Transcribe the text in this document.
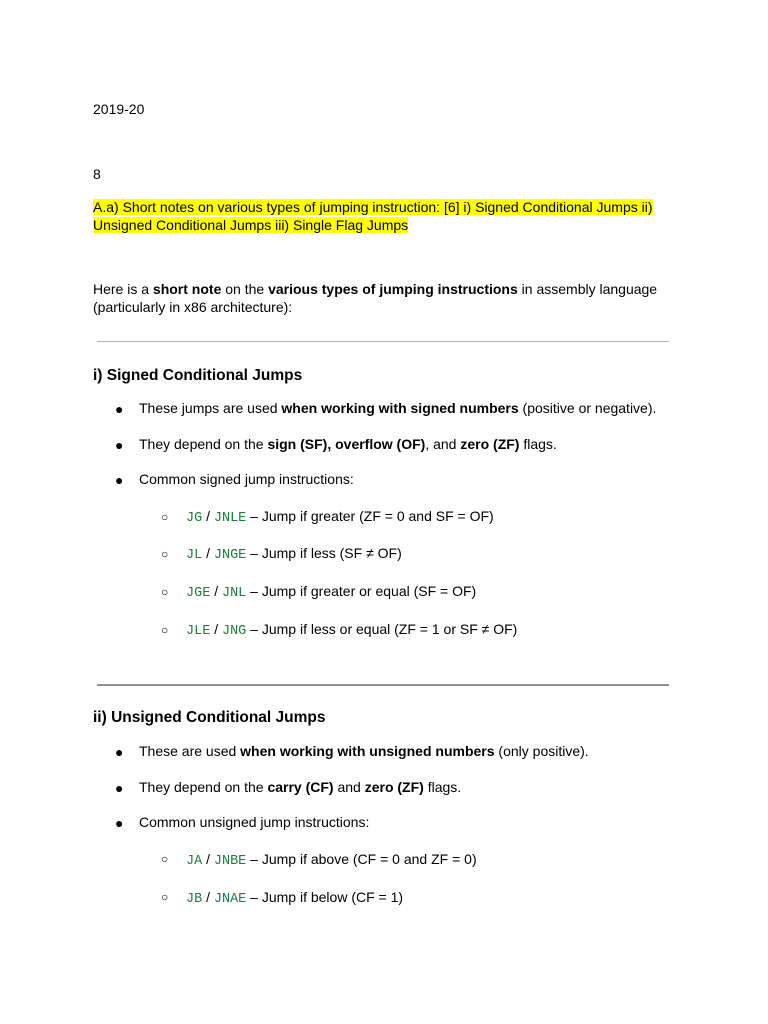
2019-20
8
A.a) Short notes on various types of jumping instruction: [6] i) Signed Conditional Jumps ii) Unsigned Conditional Jumps iii) Single Flag Jumps
Here is a short note on the various types of jumping instructions in assembly language (particularly in x86 architecture):
i) Signed Conditional Jumps
● These jumps are used when working with signed numbers (positive or negative).
● They depend on the sign (SF), overflow (OF), and zero (ZF) flags.
● Common signed jump instructions:
○ JG / JNLE – Jump if greater (ZF = 0 and SF = OF)
○ JL / JNGE – Jump if less (SF ≠ OF)
○ JGE / JNL – Jump if greater or equal (SF = OF)
○ JLE / JNG – Jump if less or equal (ZF = 1 or SF ≠ OF)
ii) Unsigned Conditional Jumps
● These are used when working with unsigned numbers (only positive).
● They depend on the carry (CF) and zero (ZF) flags.
● Common unsigned jump instructions:
○ JA / JNBE – Jump if above (CF = 0 and ZF = 0)
○ JB / JNAE – Jump if below (CF = 1)
